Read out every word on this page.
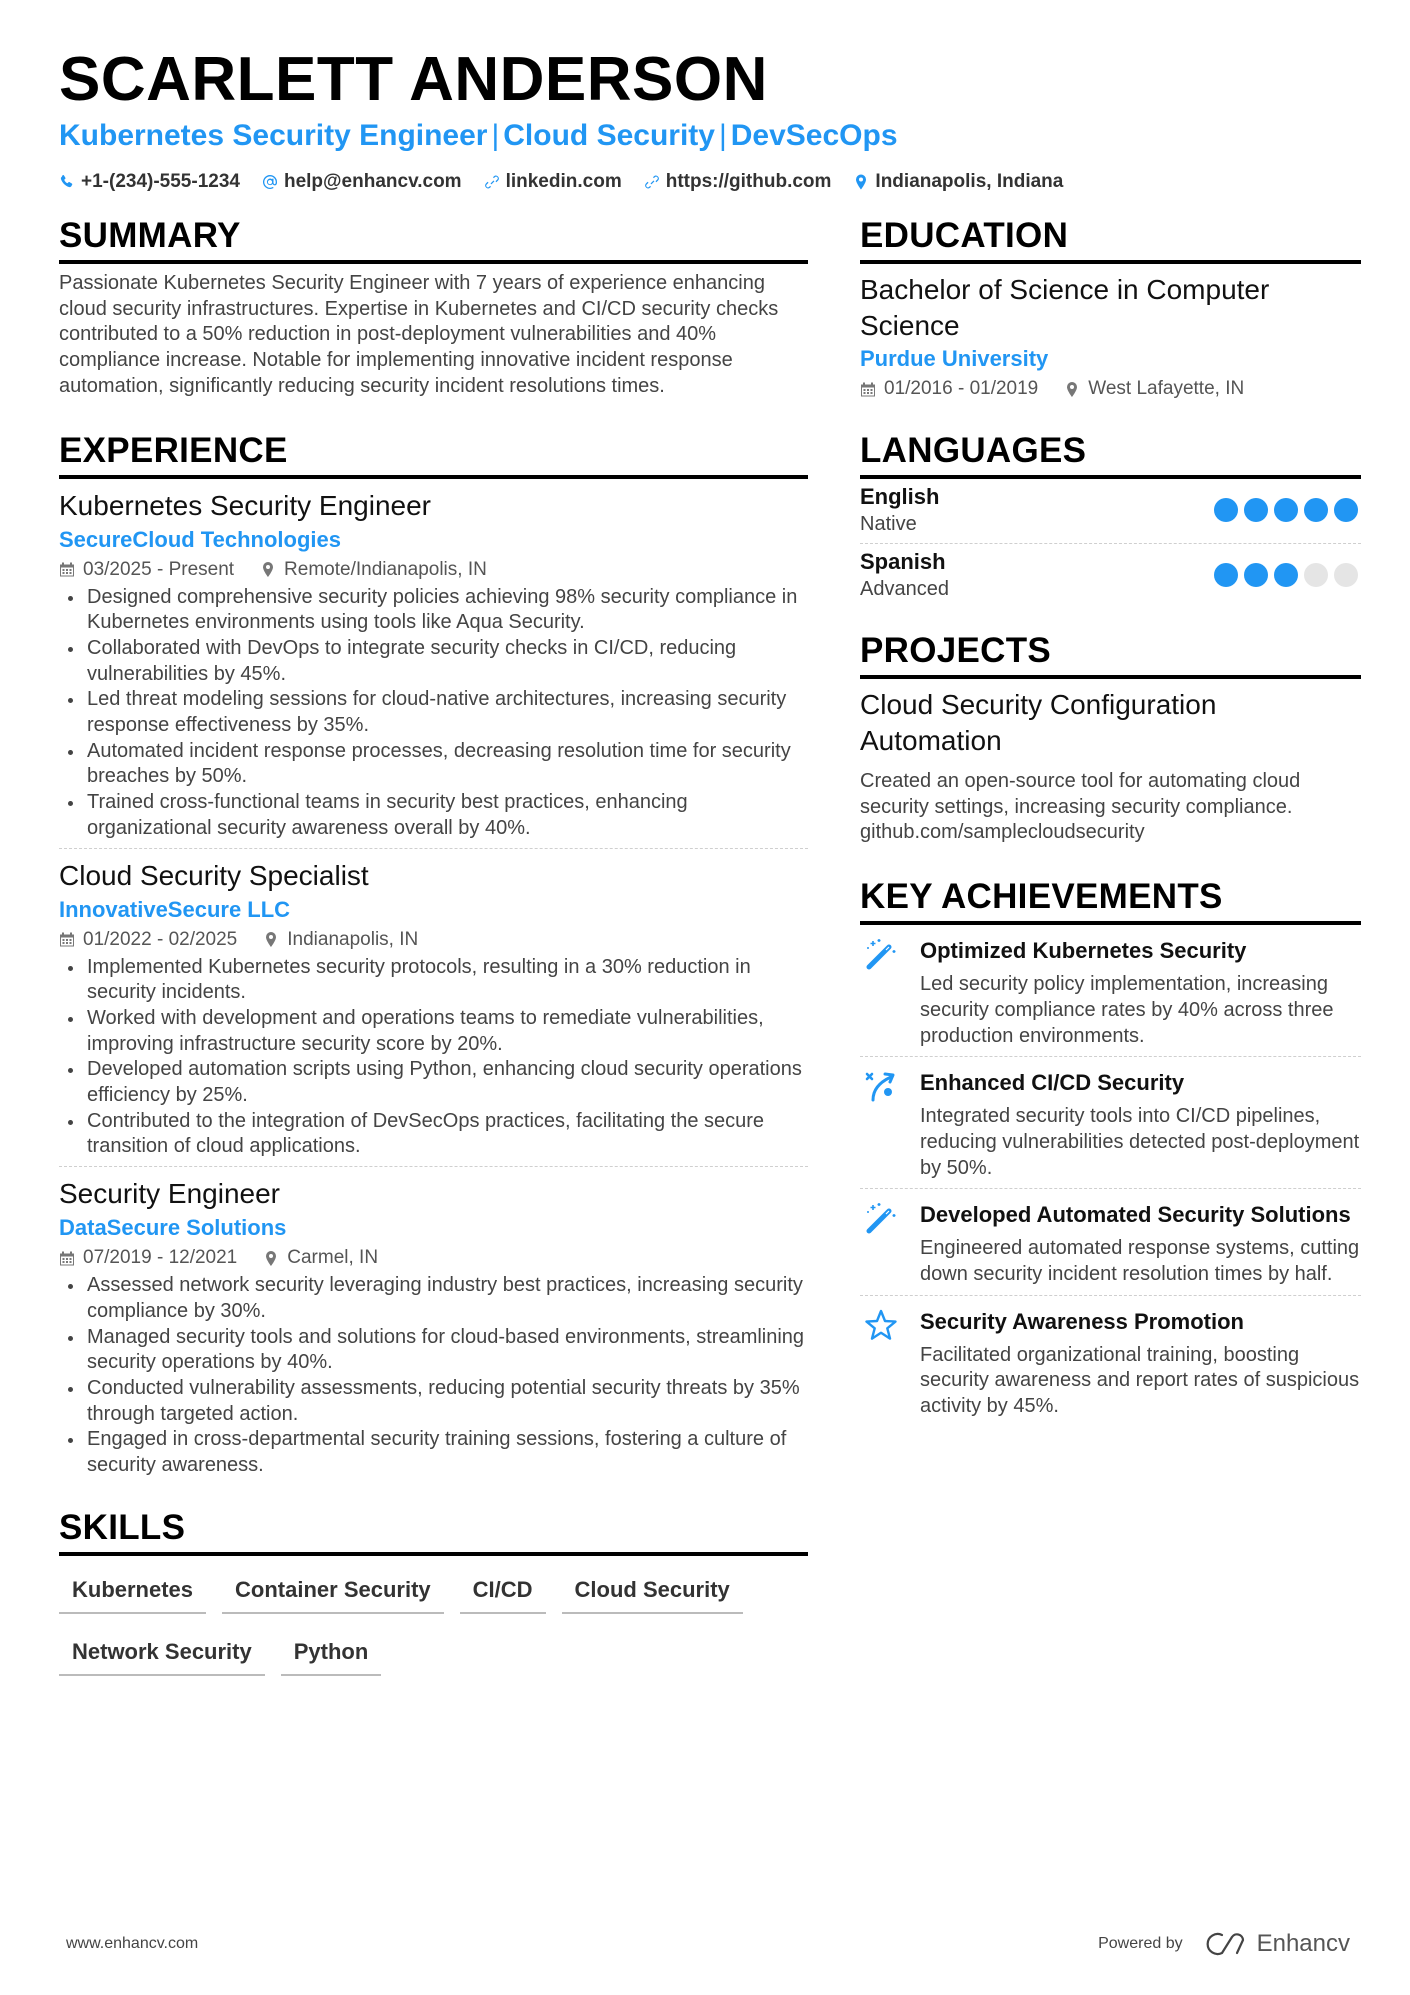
SCARLETT ANDERSON
Kubernetes Security Engineer | Cloud Security | DevSecOps
+1-(234)-555-1234 help@enhancv.com linkedin.com https://github.com Indianapolis, Indiana
SUMMARY
Passionate Kubernetes Security Engineer with 7 years of experience enhancing cloud security infrastructures. Expertise in Kubernetes and CI/CD security checks contributed to a 50% reduction in post-deployment vulnerabilities and 40% compliance increase. Notable for implementing innovative incident response automation, significantly reducing security incident resolutions times.
EXPERIENCE
Kubernetes Security Engineer
SecureCloud Technologies
03/2025 - Present	Remote/Indianapolis, IN
Designed comprehensive security policies achieving 98% security compliance in Kubernetes environments using tools like Aqua Security.
Collaborated with DevOps to integrate security checks in CI/CD, reducing vulnerabilities by 45%.
Led threat modeling sessions for cloud-native architectures, increasing security response effectiveness by 35%.
Automated incident response processes, decreasing resolution time for security breaches by 50%.
Trained cross-functional teams in security best practices, enhancing organizational security awareness overall by 40%.
Cloud Security Specialist
InnovativeSecure LLC
01/2022 - 02/2025	Indianapolis, IN
Implemented Kubernetes security protocols, resulting in a 30% reduction in security incidents.
Worked with development and operations teams to remediate vulnerabilities, improving infrastructure security score by 20%.
Developed automation scripts using Python, enhancing cloud security operations efficiency by 25%.
Contributed to the integration of DevSecOps practices, facilitating the secure transition of cloud applications.
Security Engineer
DataSecure Solutions
07/2019 - 12/2021	Carmel, IN
Assessed network security leveraging industry best practices, increasing security compliance by 30%.
Managed security tools and solutions for cloud-based environments, streamlining security operations by 40%.
Conducted vulnerability assessments, reducing potential security threats by 35% through targeted action.
Engaged in cross-departmental security training sessions, fostering a culture of security awareness.
SKILLS
Kubernetes	Container Security	CI/CD	Cloud Security
Network Security	Python
EDUCATION
Bachelor of Science in Computer Science
Purdue University
01/2016 - 01/2019	West Lafayette, IN
LANGUAGES
English
Native
Spanish
Advanced
PROJECTS
Cloud Security Configuration Automation
Created an open-source tool for automating cloud security settings, increasing security compliance.
github.com/samplecloudsecurity
KEY ACHIEVEMENTS
Optimized Kubernetes Security
Led security policy implementation, increasing security compliance rates by 40% across three production environments.
Enhanced CI/CD Security
Integrated security tools into CI/CD pipelines, reducing vulnerabilities detected post-deployment by 50%.
Developed Automated Security Solutions
Engineered automated response systems, cutting down security incident resolution times by half.
Security Awareness Promotion
Facilitated organizational training, boosting security awareness and report rates of suspicious activity by 45%.
www.enhancv.com	Powered by	Enhancv
